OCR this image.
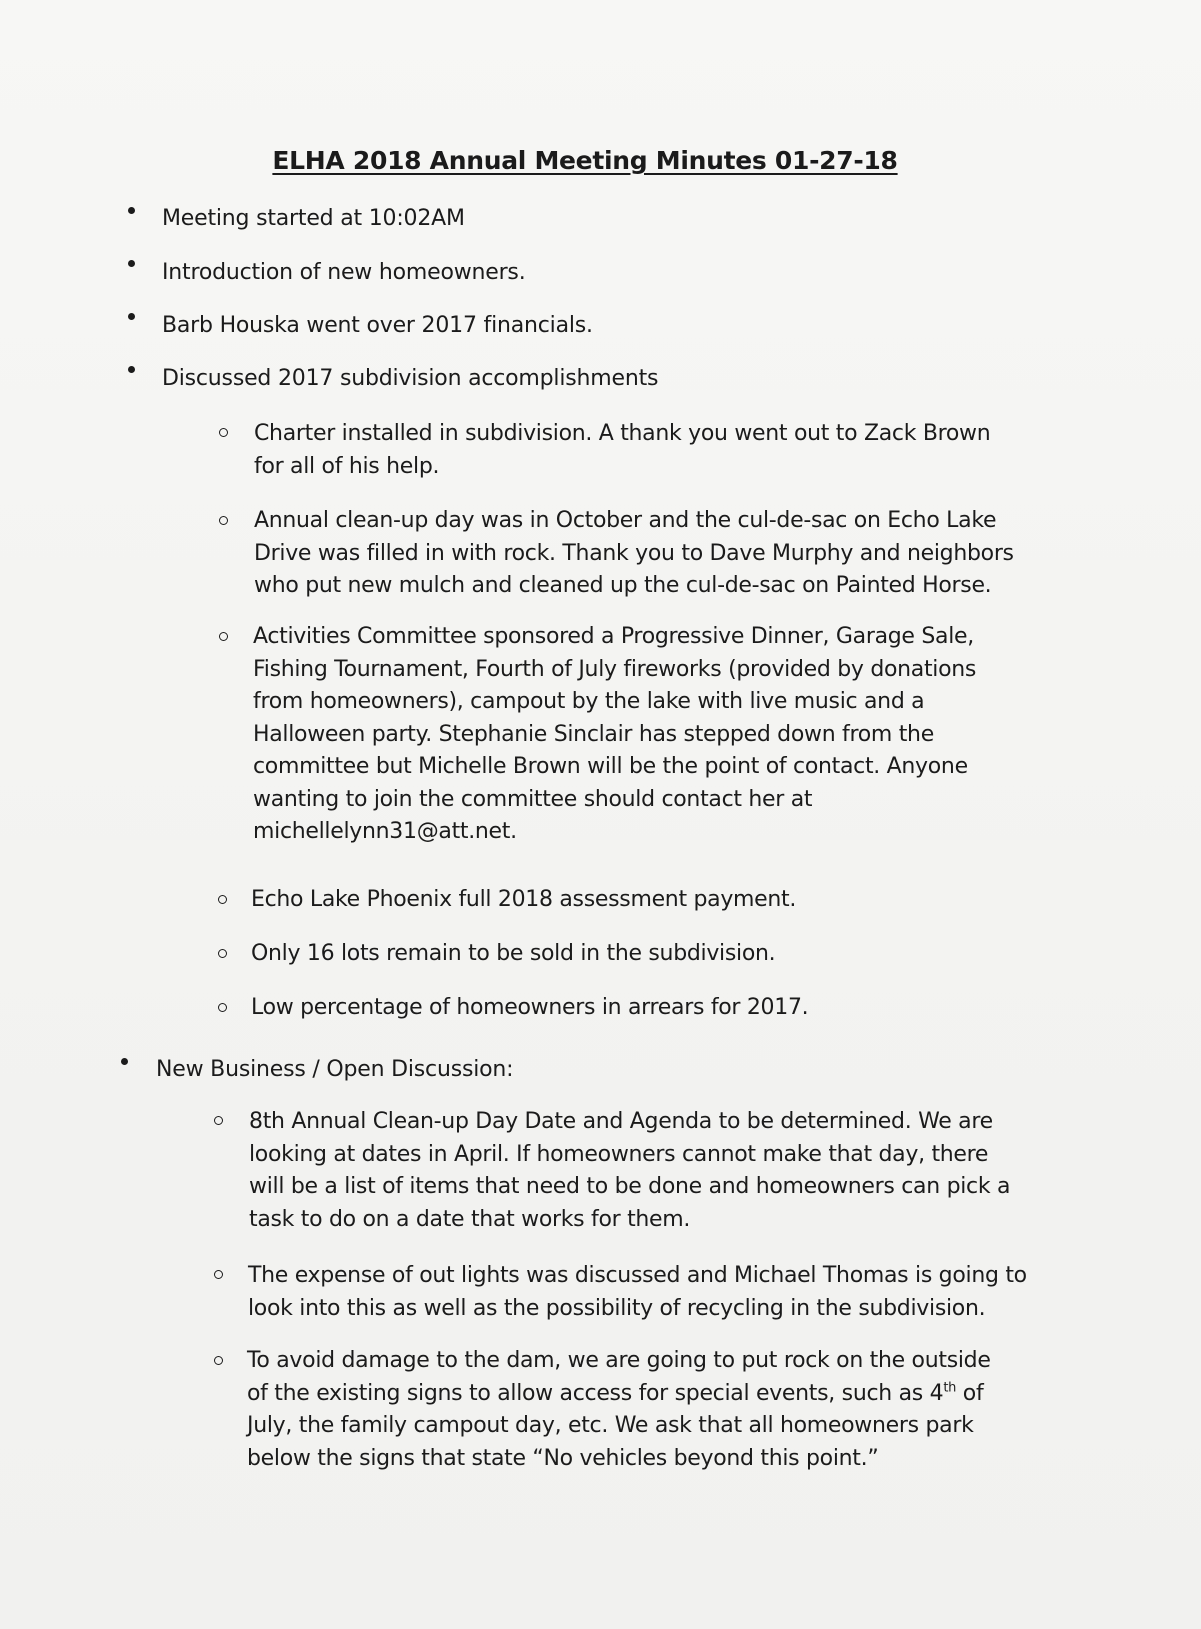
ELHA 2018 Annual Meeting Minutes 01-27-18
Meeting started at 10:02AM
Introduction of new homeowners.
Barb Houska went over 2017 financials.
Discussed 2017 subdivision accomplishments
Charter installed in subdivision. A thank you went out to Zack Brown
for all of his help.
Annual clean-up day was in October and the cul-de-sac on Echo Lake
Drive was filled in with rock. Thank you to Dave Murphy and neighbors
who put new mulch and cleaned up the cul-de-sac on Painted Horse.
Activities Committee sponsored a Progressive Dinner, Garage Sale,
Fishing Tournament, Fourth of July fireworks (provided by donations
from homeowners), campout by the lake with live music and a
Halloween party. Stephanie Sinclair has stepped down from the
committee but Michelle Brown will be the point of contact. Anyone
wanting to join the committee should contact her at
michellelynn31@att.net.
Echo Lake Phoenix full 2018 assessment payment.
Only 16 lots remain to be sold in the subdivision.
Low percentage of homeowners in arrears for 2017.
New Business / Open Discussion:
8th Annual Clean-up Day Date and Agenda to be determined. We are
looking at dates in April. If homeowners cannot make that day, there
will be a list of items that need to be done and homeowners can pick a
task to do on a date that works for them.
The expense of out lights was discussed and Michael Thomas is going to
look into this as well as the possibility of recycling in the subdivision.
To avoid damage to the dam, we are going to put rock on the outside
of the existing signs to allow access for special events, such as 4th of
July, the family campout day, etc. We ask that all homeowners park
below the signs that state “No vehicles beyond this point.”
